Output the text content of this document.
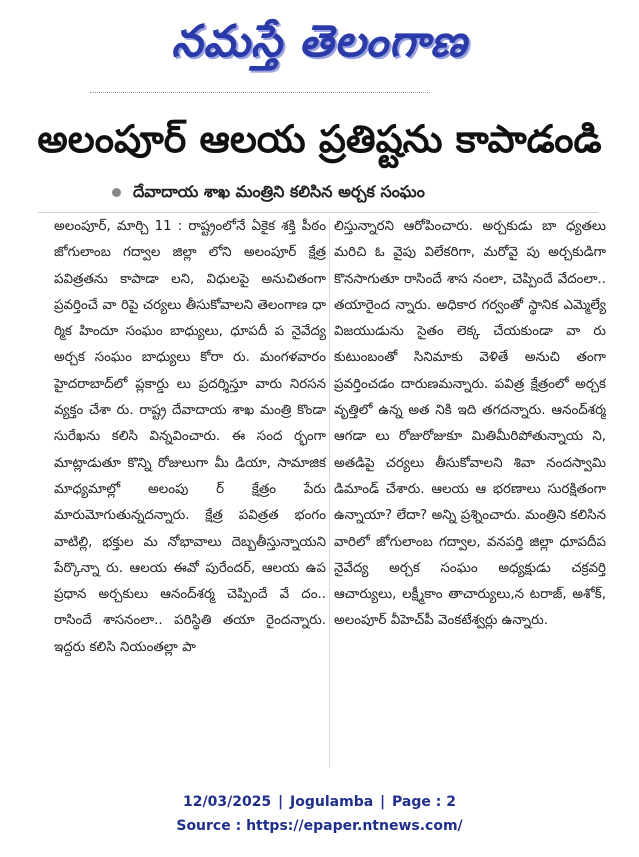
నమస్తే తెలంగాణ
అలంపూర్ ఆలయ ప్రతిష్టను కాపాడండి
దేవాదాయ శాఖ మంత్రిని కలిసిన అర్చక సంఘం

అలంపూర్, మార్చి 11 : రాష్ట్రంలోనే ఏకైక శక్తి పీఠం జోగులాంబ గద్వాల జిల్లా లోని అలంపూర్ క్షేత్ర పవిత్రతను కాపాడా లని, విధులపై అనుచితంగా ప్రవర్తించే వా రిపై చర్యలు తీసుకోవాలని తెలంగాణ ధా ర్మిక హిందూ సంఘం బాధ్యులు, ధూపదీ ప నైవేద్య అర్చక సంఘం బాధ్యులు కోరా రు. మంగళవారం హైదరాబాద్‌లో ప్లకార్డు లు ప్రదర్శిస్తూ వారు నిరసన వ్యక్తం చేశా రు. రాష్ట్ర దేవాదాయ శాఖ మంత్రి కొండా సురేఖను కలిసి విన్నవించారు. ఈ సంద ర్భంగా మాట్లాడుతూ కొన్ని రోజులుగా మీ డియా, సామాజిక మాధ్యమాల్లో అలంపు ర్ క్షేత్రం పేరు మారుమోగుతున్నదన్నారు. క్షేత్ర పవిత్రత భంగం వాటిల్లి, భక్తుల మ నోభావాలు దెబ్బతీస్తున్నాయని పేర్కొన్నా రు. ఆలయ ఈవో పురేందర్, ఆలయ ఉప ప్రధాన అర్చకులు ఆనంద్‌శర్మ చెప్పిందే వే దం.. రాసిందే శాసనంలా.. పరిస్థితి తయా రైందన్నారు. ఇద్దరు కలిసి నియంతల్లా పా

లిస్తున్నారని ఆరోపించారు. అర్చకుడు బా ధ్యతలు మరిచి ఓ వైపు విలేకరిగా, మరోవై పు అర్చకుడిగా కొనసాగుతూ రాసిందే శాస నంలా, చెప్పిందే వేదంలా.. తయారైంద న్నారు. అధికార గర్వంతో స్థానిక ఎమ్మెల్యే విజయుడును సైతం లెక్క చేయకుండా వా రు కుటుంబంతో సినిమాకు వెళితే అనుచి తంగా ప్రవర్తించడం దారుణమన్నారు. పవిత్ర క్షేత్రంలో అర్చక వృత్తిలో ఉన్న అత నికి ఇది తగదన్నారు. ఆనంద్‌శర్మ ఆగడా లు రోజురోజుకూ మితిమీరిపోతున్నాయ ని, అతడిపై చర్యలు తీసుకోవాలని శివా నందస్వామి డిమాండ్ చేశారు. ఆలయ ఆ భరణాలు సురక్షితంగా ఉన్నాయా? లేదా? అన్ని ప్రశ్నించారు. మంత్రిని కలిసిన వారిలో జోగులాంబ గద్వాల, వనపర్తి జిల్లా ధూపదీప నైవేద్య అర్చక సంఘం అధ్యక్షుడు చక్రవర్తి ఆచార్యులు, లక్ష్మీకాం తాచార్యులు,న టరాజ్, అశోక్, అలంపూర్ వీహెచ్‌పీ వెంకటేశ్వర్లు ఉన్నారు.

12/03/2025 | Jogulamba | Page : 2
Source : https://epaper.ntnews.com/
